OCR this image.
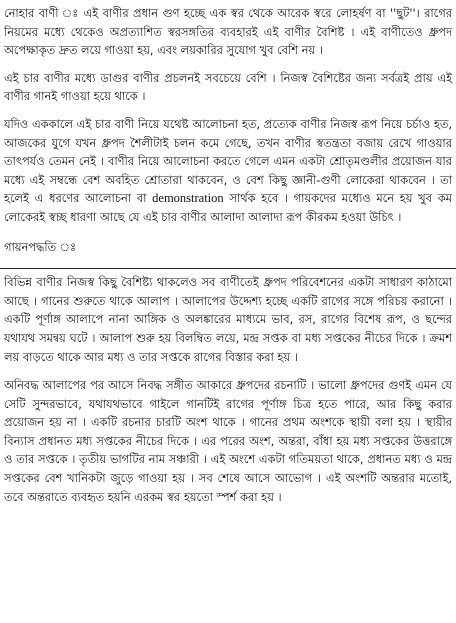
নোহার বাণী ঃ এই বাণীর প্রধান গুণ হচ্ছে এক স্বর থেকে আরেক স্বরে লোহর্ষণ বা ''ছুট''। রাগের নিয়মের মধ্যে থেকেও অপ্রত্যাশিত স্বরসঙ্গতির ব্যবহারই এই বাণীর বৈশিষ্ট । এই বাণীতেও ধ্রুপদ অপেক্ষাকৃত দ্রুত লয়ে গাওয়া হয়, এবং লয়কারির সুযোগ খুব বেশি নয় ।

এই চার বাণীর মধ্যে ডাগুর বাণীর প্রচলনই সবচেয়ে বেশি । নিজস্ব বৈশিষ্টের জন্য সর্বত্রই প্রায় এই বাণীর গানই গাওয়া হয়ে থাকে ।

যদিও এককালে এই চার বাণী নিয়ে যথেষ্ট আলোচনা হত, প্রত্যেক বাণীর নিজস্ব রূপ নিয়ে চর্চাও হত, আজকের যুগে যখন ধ্রুপদ শৈলীটাই চলন কমে গেছে, তখন বাণীর স্বতন্ত্রতা বজায় রেখে গাওয়ার তাৎপর্যও তেমন নেই । বাণীর নিয়ে আলোচনা করতে গেলে এমন একটা শ্রোতৃমণ্ডলীর প্রয়োজন যার মধ্যে এই সম্বন্ধে বেশ অবহিত শ্রোতারা থাকবেন, ও বেশ কিছু জ্ঞানী-গুণী লোকেরা থাকবেন । তা হলেই এ ধরণের আলোচনা বা demonstration সার্থক হবে । গায়কদের মধ্যেও মনে হয় খুব কম লোকেরই স্বচ্ছ ধারণা আছে যে এই চার বাণীর আলাদা আলাদা রূপ কীরকম হওয়া উচিৎ ।

গায়নপদ্ধতি ঃ

বিভিন্ন বাণীর নিজস্ব কিছু বৈশিষ্ট্য থাকলেও সব বাণীতেই ধ্রুপদ পরিবেশনের একটা সাধারণ কাঠামো আছে । গানের শুরুতে থাকে আলাপ । আলাপের উদ্দেশ্য হচ্ছে একটি রাগের সঙ্গে পরিচয় করানো । একটি পূর্ণাঙ্গ আলাপে নানা আঙ্গিক ও অলঙ্কারের মাধ্যমে ভাব, রস, রাগের বিশেষ রূপ, ও ছন্দের যথাযথ সমন্বয় ঘটে । আলাপ শুরু হয় বিলম্বিত লয়ে, মন্দ্র সপ্তক বা মধ্য সপ্তকের নীচের দিকে । ক্রমশ লয় বাড়তে থাকে আর মধ্য ও তার সপ্তকে রাগের বিস্তার করা হয় ।

অনিবদ্ধ আলাপের পর আসে নিবদ্ধ সঙ্গীত আকারে ধ্রুপদের রচনাটি । ভালো ধ্রুপদের গুণই এমন যে সেটি সুন্দরভাবে, যথাযথভাবে গাইলে গানটিই রাগের পূর্ণাঙ্গ চিত্র হতে পারে, আর কিছু করার প্রয়োজন হয় না । একটি রচনার চারটি অংশ থাকে । গানের প্রথম অংশকে স্থায়ী বলা হয় । স্থায়ীর বিন্যাস প্রধানত মধ্য সপ্তকের নীচের দিকে । এর পরের অংশ, অন্তরা, বাঁধা হয় মধ্য সপ্তকের উত্তরাঙ্গে ও তার সপ্তকে । তৃতীয় ভাগটির নাম সঞ্চারী । এই অংশে একটা গতিময়তা থাকে, প্রধানত মধ্য ও মন্দ্র সপ্তকের বেশ খানিকটা জুড়ে গাওয়া হয় । সব শেষে আসে আভোগ । এই অংশটি অন্তরার মতোই, তবে অন্তরাতে ব্যবহৃত হয়নি এরকম স্বর হয়তো স্পর্শ করা হয় ।
